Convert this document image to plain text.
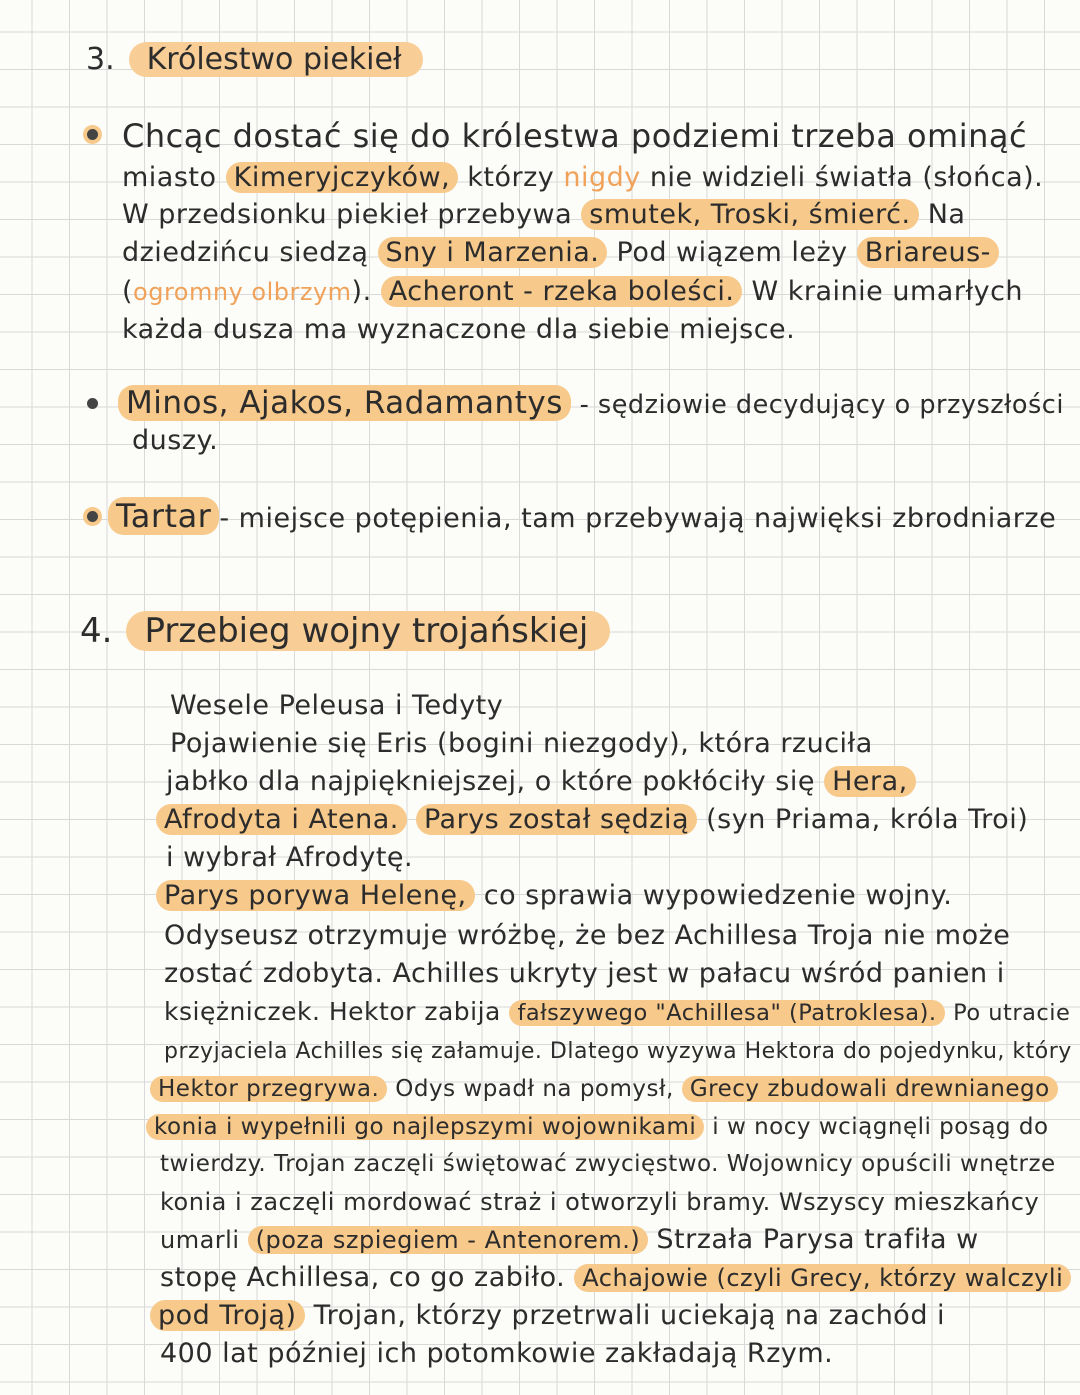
3. Królestwo piekieł
Chcąc dostać się do królestwa podziemi trzeba ominąć
miasto Kimeryjczyków, którzy nigdy nie widzieli światła (słońca).
W przedsionku piekieł przebywa smutek, Troski, śmierć. Na
dziedzińcu siedzą Sny i Marzenia. Pod wiązem leży Briareus-
(ogromny olbrzym). Acheront - rzeka boleści. W krainie umarłych
każda dusza ma wyznaczone dla siebie miejsce.
Minos, Ajakos, Radamantys - sędziowie decydujący o przyszłości
duszy.
Tartar - miejsce potępienia, tam przebywają najwięksi zbrodniarze
4. Przebieg wojny trojańskiej
Wesele Peleusa i Tedyty
Pojawienie się Eris (bogini niezgody), która rzuciła
jabłko dla najpiękniejszej, o które pokłóciły się Hera,
Afrodyta i Atena. Parys został sędzią (syn Priama, króla Troi)
i wybrał Afrodytę.
Parys porywa Helenę, co sprawia wypowiedzenie wojny.
Odyseusz otrzymuje wróżbę, że bez Achillesa Troja nie może
zostać zdobyta. Achilles ukryty jest w pałacu wśród panien i
księżniczek. Hektor zabija fałszywego "Achillesa" (Patroklesa). Po utracie
przyjaciela Achilles się załamuje. Dlatego wyzywa Hektora do pojedynku, który
Hektor przegrywa. Odys wpadł na pomysł, Grecy zbudowali drewnianego
konia i wypełnili go najlepszymi wojownikami i w nocy wciągnęli posąg do
twierdzy. Trojan zaczęli świętować zwycięstwo. Wojownicy opuścili wnętrze
konia i zaczęli mordować straż i otworzyli bramy. Wszyscy mieszkańcy
umarli (poza szpiegiem - Antenorem.) Strzała Parysa trafiła w
stopę Achillesa, co go zabiło. Achajowie (czyli Grecy, którzy walczyli
pod Troją) Trojan, którzy przetrwali uciekają na zachód i
400 lat później ich potomkowie zakładają Rzym.
